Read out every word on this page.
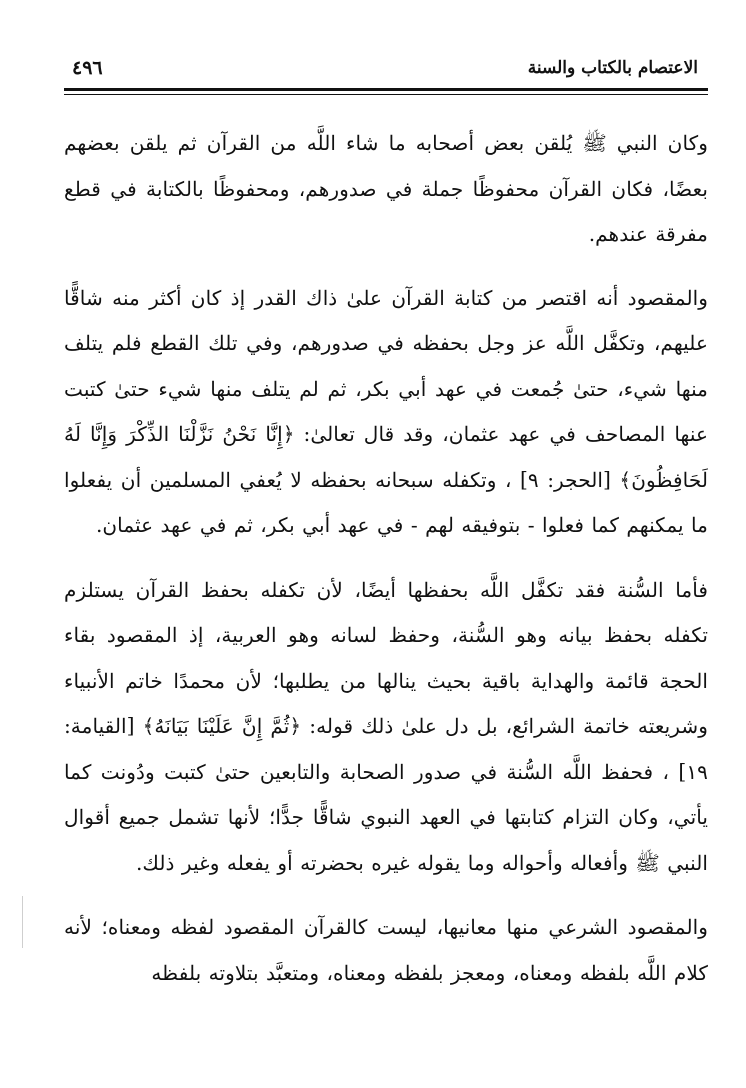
الاعتصام بالكتاب والسنة
٤٩٦

وكان النبي ﷺ يُلقن بعض أصحابه ما شاء اللَّه من القرآن ثم يلقن بعضهم بعضًا، فكان القرآن محفوظًا جملة في صدورهم، ومحفوظًا بالكتابة في قطع مفرقة عندهم.

والمقصود أنه اقتصر من كتابة القرآن علىٰ ذاك القدر إذ كان أكثر منه شاقًّا عليهم، وتكفَّل اللَّه عز وجل بحفظه في صدورهم، وفي تلك القطع فلم يتلف منها شيء، حتىٰ جُمعت في عهد أبي بكر، ثم لم يتلف منها شيء حتىٰ كتبت عنها المصاحف في عهد عثمان، وقد قال تعالىٰ: ﴿إِنَّا نَحْنُ نَزَّلْنَا الذِّكْرَ وَإِنَّا لَهُ لَحَافِظُونَ﴾ [الحجر: ٩] ، وتكفله سبحانه بحفظه لا يُعفي المسلمين أن يفعلوا ما يمكنهم كما فعلوا - بتوفيقه لهم - في عهد أبي بكر، ثم في عهد عثمان.

فأما السُّنة فقد تكفَّل اللَّه بحفظها أيضًا، لأن تكفله بحفظ القرآن يستلزم تكفله بحفظ بيانه وهو السُّنة، وحفظ لسانه وهو العربية، إذ المقصود بقاء الحجة قائمة والهداية باقية بحيث ينالها من يطلبها؛ لأن محمدًا خاتم الأنبياء وشريعته خاتمة الشرائع، بل دل علىٰ ذلك قوله: ﴿ثُمَّ إِنَّ عَلَيْنَا بَيَانَهُ﴾ [القيامة: ١٩] ، فحفظ اللَّه السُّنة في صدور الصحابة والتابعين حتىٰ كتبت ودُونت كما يأتي، وكان التزام كتابتها في العهد النبوي شاقًّا جدًّا؛ لأنها تشمل جميع أقوال النبي ﷺ وأفعاله وأحواله وما يقوله غيره بحضرته أو يفعله وغير ذلك.

والمقصود الشرعي منها معانيها، ليست كالقرآن المقصود لفظه ومعناه؛ لأنه كلام اللَّه بلفظه ومعناه، ومعجز بلفظه ومعناه، ومتعبَّد بتلاوته بلفظه
